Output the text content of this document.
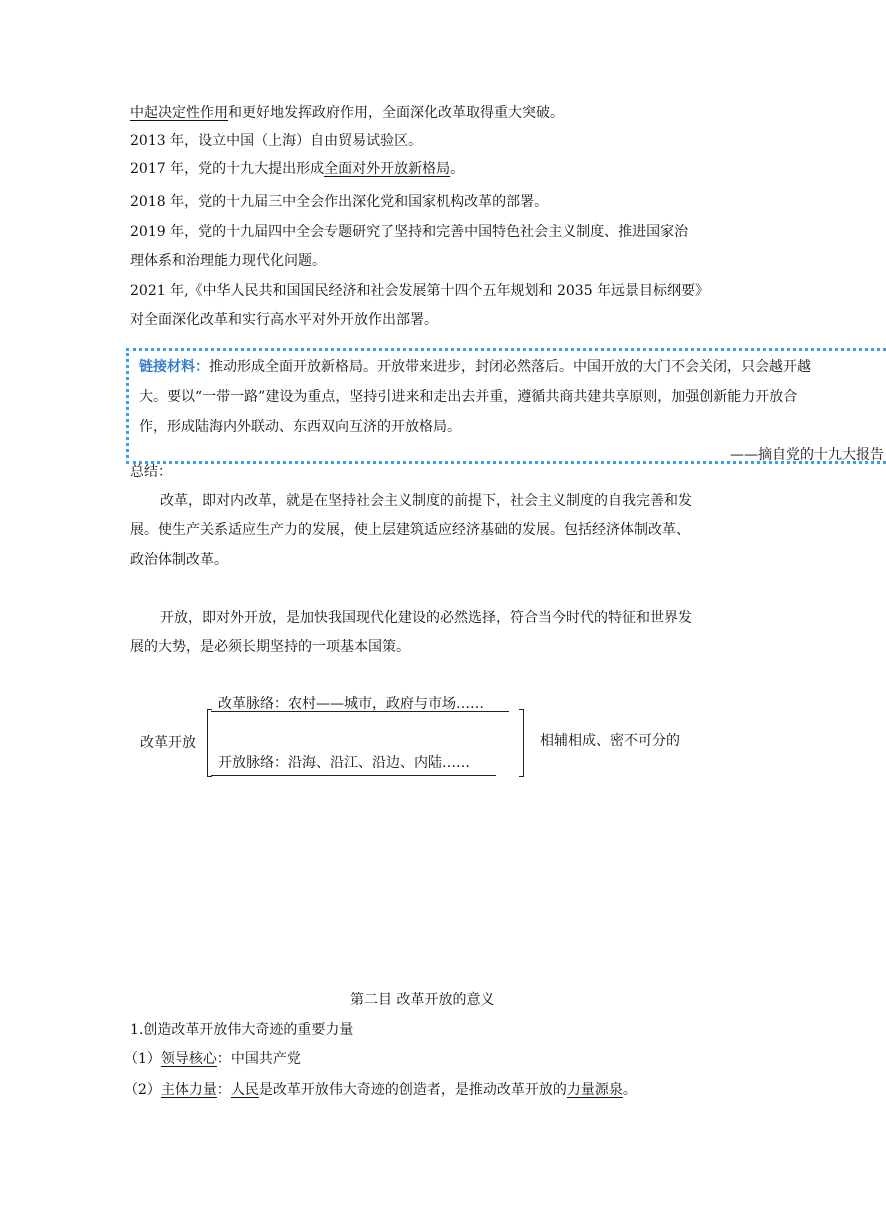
中起决定性作用和更好地发挥政府作用，全面深化改革取得重大突破。
2013 年，设立中国（上海）自由贸易试验区。
2017 年，党的十九大提出形成全面对外开放新格局。
2018 年，党的十九届三中全会作出深化党和国家机构改革的部署。
2019 年，党的十九届四中全会专题研究了坚持和完善中国特色社会主义制度、推进国家治
理体系和治理能力现代化问题。
2021 年,《中华人民共和国国民经济和社会发展第十四个五年规划和 2035 年远景目标纲要》
对全面深化改革和实行高水平对外开放作出部署。
链接材料：推动形成全面开放新格局。开放带来进步，封闭必然落后。中国开放的大门不会关闭，只会越开越
大。要以“一带一路”建设为重点，坚持引进来和走出去并重，遵循共商共建共享原则，加强创新能力开放合
作，形成陆海内外联动、东西双向互济的开放格局。
——摘自党的十九大报告
总结：
改革，即对内改革，就是在坚持社会主义制度的前提下，社会主义制度的自我完善和发
展。使生产关系适应生产力的发展，使上层建筑适应经济基础的发展。包括经济体制改革、
政治体制改革。
开放，即对外开放，是加快我国现代化建设的必然选择，符合当今时代的特征和世界发
展的大势，是必须长期坚持的一项基本国策。
改革开放
改革脉络：农村——城市，政府与市场……
开放脉络：沿海、沿江、沿边、内陆……
相辅相成、密不可分的
第二目 改革开放的意义
1.创造改革开放伟大奇迹的重要力量
（1）领导核心：中国共产党
（2）主体力量：人民是改革开放伟大奇迹的创造者，是推动改革开放的力量源泉。
